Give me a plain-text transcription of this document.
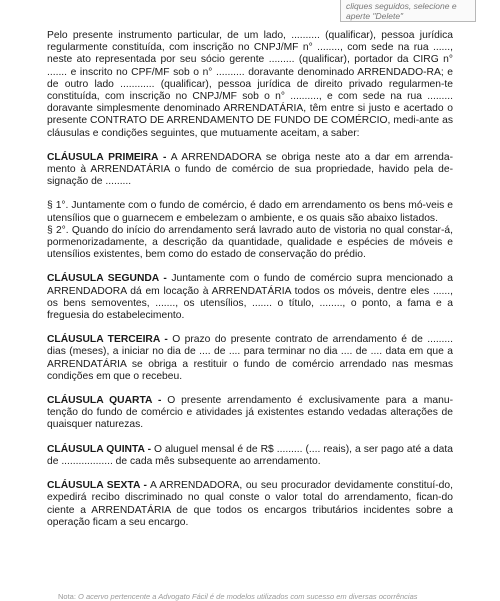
cliques seguidos, selecione e aperte "Delete"

Pelo presente instrumento particular, de um lado, .......... (qualificar), pessoa jurídica regularmente constituída, com inscrição no CNPJ/MF n° ........, com sede na rua ......, neste ato representada por seu sócio gerente ......... (qualificar), portador da CIRG n° ....... e inscrito no CPF/MF sob o n° .......... doravante denominado ARRENDADO-RA; e de outro lado ............ (qualificar), pessoa jurídica de direito privado regularmen-te constituída, com inscrição no CNPJ/MF sob o n° .........., e com sede na rua ......... doravante simplesmente denominado ARRENDATÁRIA, têm entre si justo e acertado o presente CONTRATO DE ARRENDAMENTO DE FUNDO DE COMÉRCIO, medi-ante as cláusulas e condições seguintes, que mutuamente aceitam, a saber:

CLÁUSULA PRIMEIRA - A ARRENDADORA se obriga neste ato a dar em arrenda-mento à ARRENDATÁRIA o fundo de comércio de sua propriedade, havido pela de-signação de .........

§ 1°. Juntamente com o fundo de comércio, é dado em arrendamento os bens mó-veis e utensílios que o guarnecem e embelezam o ambiente, e os quais são abaixo listados.

§ 2°. Quando do início do arrendamento será lavrado auto de vistoria no qual constar-á, pormenorizadamente, a descrição da quantidade, qualidade e espécies de móveis e utensílios existentes, bem como do estado de conservação do prédio.

CLÁUSULA SEGUNDA - Juntamente com o fundo de comércio supra mencionado a ARRENDADORA dá em locação à ARRENDATÁRIA todos os móveis, dentre eles ......, os bens semoventes, ......., os utensílios, ....... o título, ........, o ponto, a fama e a freguesia do estabelecimento.

CLÁUSULA TERCEIRA - O prazo do presente contrato de arrendamento é de ......... dias (meses), a iniciar no dia de .... de .... para terminar no dia .... de .... data em que a ARRENDATÁRIA se obriga a restituir o fundo de comércio arrendado nas mesmas condições em que o recebeu.

CLÁUSULA QUARTA - O presente arrendamento é exclusivamente para a manu-tenção do fundo de comércio e atividades já existentes estando vedadas alterações de quaisquer naturezas.

CLÁUSULA QUINTA - O aluguel mensal é de R$ ......... (.... reais), a ser pago até a data de .................. de cada mês subsequente ao arrendamento.

CLÁUSULA SEXTA - A ARRENDADORA, ou seu procurador devidamente constituí-do, expedirá recibo discriminado no qual conste o valor total do arrendamento, fican-do ciente a ARRENDATÁRIA de que todos os encargos tributários incidentes sobre a operação ficam a seu encargo.

Nota: O acervo pertencente a Advogato Fácil é de modelos utilizados com sucesso em diversas ocorrências
